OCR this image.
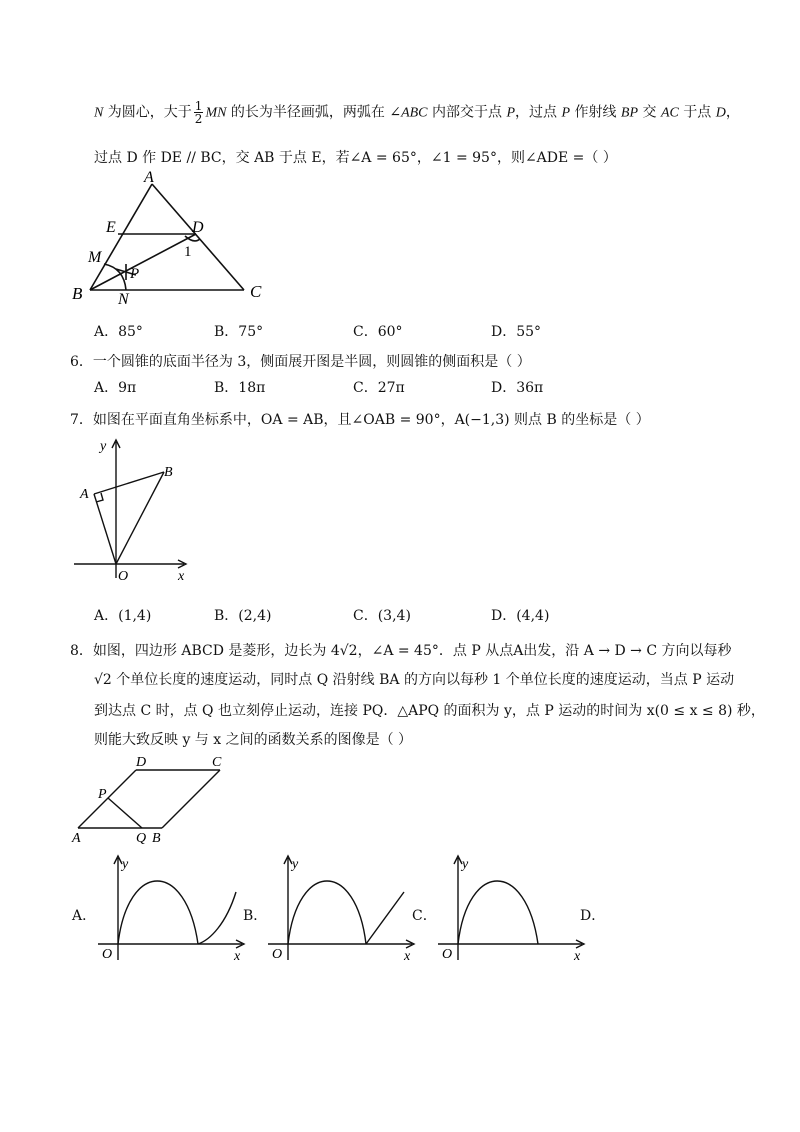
N 为圆心，大于 $\frac{1}{2}$ MN 的长为半径画弧，两弧在 ∠ABC 内部交于点 P，过点 P 作射线 BP 交 AC 于点 D，
过点 D 作 DE // BC，交 AB 于点 E，若∠A = 65°，∠1 = 95°，则∠ADE =（ ）
A
E	D
M
P
B N	C
1
A．85°	B．75°	C．60°	D．55°
6．一个圆锥的底面半径为 3，侧面展开图是半圆，则圆锥的侧面积是（ ）
A．9π	B．18π	C．27π	D．36π
7．如图在平面直角坐标系中，OA = AB，且∠OAB = 90°，A(−1,3) 则点 B 的坐标是（ ）
y
x
O
A
B
A．(1,4)	B．(2,4)	C．(3,4)	D．(4,4)
8．如图，四边形 ABCD 是菱形，边长为 4√2，∠A = 45°．点 P 从点A出发，沿 A → D → C 方向以每秒
√2 个单位长度的速度运动，同时点 Q 沿射线 BA 的方向以每秒 1 个单位长度的速度运动，当点 P 运动
到达点 C 时，点 Q 也立刻停止运动，连接 PQ．△APQ 的面积为 y，点 P 运动的时间为 x(0 ≤ x ≤ 8) 秒，
则能大致反映 y 与 x 之间的函数关系的图像是（ ）
D	C
P
A	Q B
A．
y
x
O
B．
y
x
O
C．
y
x
O
D．
